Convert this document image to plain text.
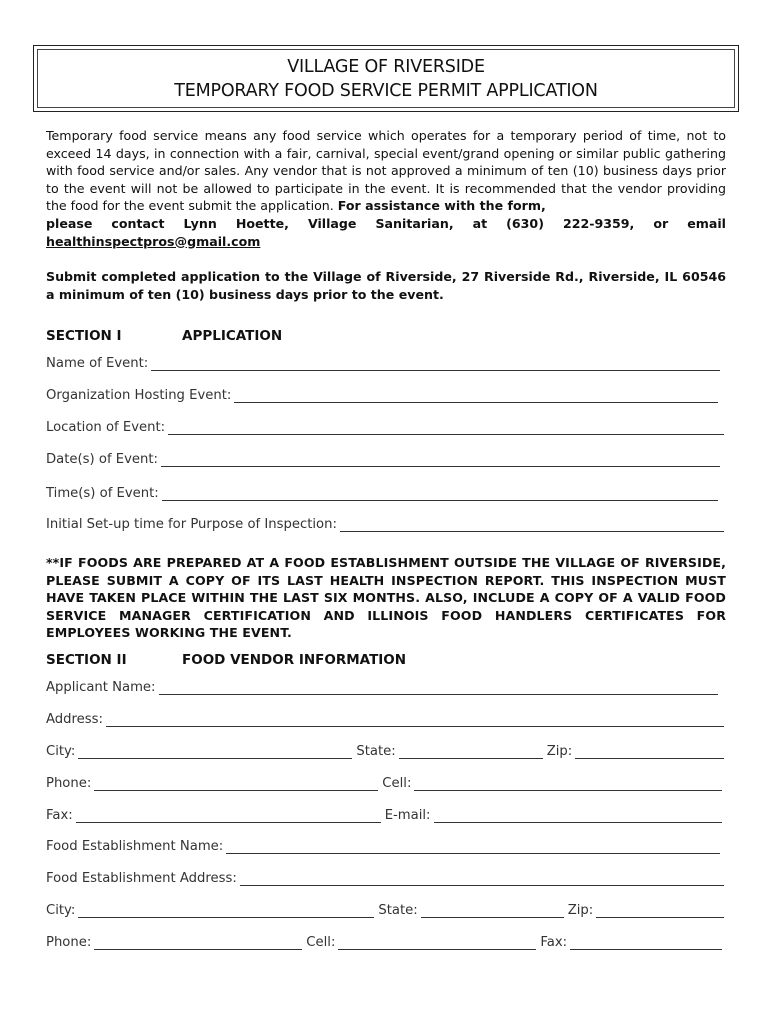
VILLAGE OF RIVERSIDE
TEMPORARY FOOD SERVICE PERMIT APPLICATION
Temporary food service means any food service which operates for a temporary period of time, not to exceed 14 days, in connection with a fair, carnival, special event/grand opening or similar public gathering with food service and/or sales. Any vendor that is not approved a minimum of ten (10) business days prior to the event will not be allowed to participate in the event. It is recommended that the vendor providing the food for the event submit the application. For assistance with the form,
please contact Lynn Hoette, Village Sanitarian, at (630) 222-9359, or email
healthinspectpros@gmail.com
Submit completed application to the Village of Riverside, 27 Riverside Rd., Riverside, IL 60546 a minimum of ten (10) business days prior to the event.
SECTION I	APPLICATION
Name of Event:
Organization Hosting Event:
Location of Event:
Date(s) of Event:
Time(s) of Event:
Initial Set-up time for Purpose of Inspection:
**IF FOODS ARE PREPARED AT A FOOD ESTABLISHMENT OUTSIDE THE VILLAGE OF RIVERSIDE, PLEASE SUBMIT A COPY OF ITS LAST HEALTH INSPECTION REPORT. THIS INSPECTION MUST HAVE TAKEN PLACE WITHIN THE LAST SIX MONTHS. ALSO, INCLUDE A COPY OF A VALID FOOD SERVICE MANAGER CERTIFICATION AND ILLINOIS FOOD HANDLERS CERTIFICATES FOR EMPLOYEES WORKING THE EVENT.
SECTION II	FOOD VENDOR INFORMATION
Applicant Name:
Address:
City:	State:	Zip:
Phone:	Cell:
Fax:	E-mail:
Food Establishment Name:
Food Establishment Address:
City:	State:	Zip:
Phone:	Cell:	Fax:
